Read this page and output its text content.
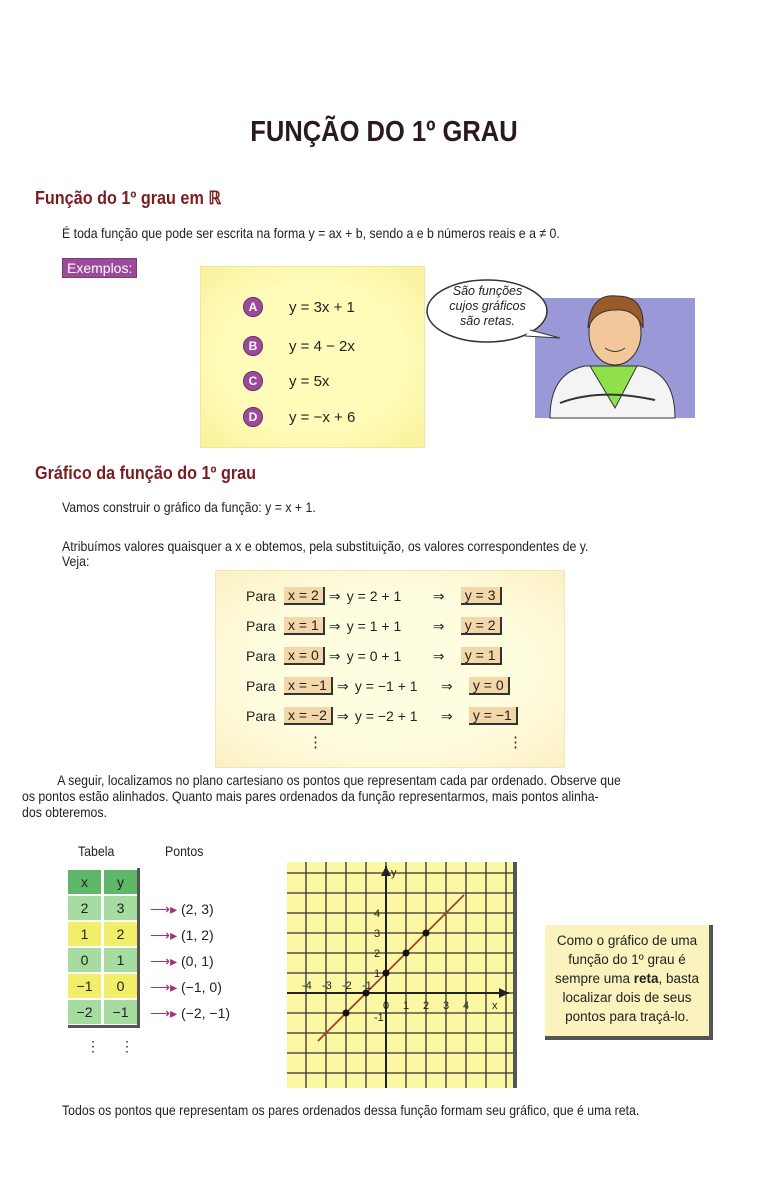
FUNÇÃO DO 1º GRAU
Função do 1º grau em ℝ
É toda função que pode ser escrita na forma y = ax + b, sendo a e b números reais e a ≠ 0.
Exemplos:
A	y = 3x + 1
B	y = 4 − 2x
C	y = 5x
D	y = −x + 6
São funções
cujos gráficos
são retas.
Gráfico da função do 1º grau
Vamos construir o gráfico da função: y = x + 1.
Atribuímos valores quaisquer a x e obtemos, pela substituição, os valores correspondentes de y.
Veja:
Para x = 2 ⇒ y = 2 + 1	⇒	y = 3
Para x = 1 ⇒ y = 1 + 1	⇒	y = 2
Para x = 0 ⇒ y = 0 + 1	⇒	y = 1
Para x = −1 ⇒ y = −1 + 1	⇒	y = 0
Para x = −2 ⇒ y = −2 + 1	⇒	y = −1
⋮	⋮
A seguir, localizamos no plano cartesiano os pontos que representam cada par ordenado. Observe que
os pontos estão alinhados. Quanto mais pares ordenados da função representarmos, mais pontos alinha-
dos obteremos.
Tabela	Pontos
x	y
2	3
1	2
0	1
−1	0
−2	−1
⟶▸ (2, 3)
⟶▸ (1, 2)
⟶▸ (0, 1)
⟶▸ (−1, 0)
⟶▸ (−2, −1)
⋮ ⋮
-4 -3 -2 -1
0 1 2 3 4
-1
1
2
3
4
y
x
Como o gráfico de uma
função do 1º grau é
sempre uma reta, basta
localizar dois de seus
pontos para traçá-lo.
Todos os pontos que representam os pares ordenados dessa função formam seu gráfico, que é uma reta.
